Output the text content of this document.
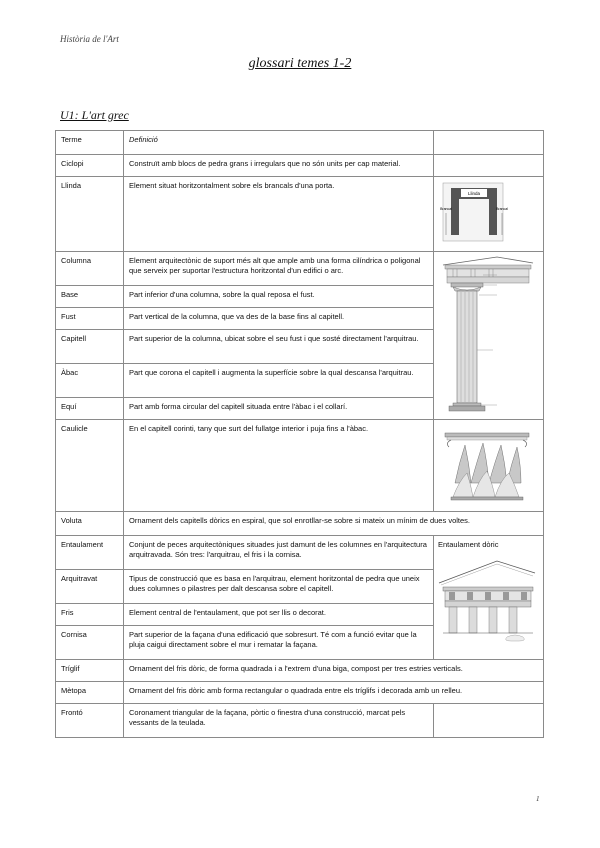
Història de l'Art
glossari temes 1-2
U1: L'art grec
Terme	Definició	
Ciclopi	Construït amb blocs de pedra grans i irregulars que no són units per cap material.	
Llinda	Element situat horitzontalment sobre els brancals d'una porta.	Llinda
Brancal Brancal

Columna	Element arquitectònic de suport més alt que ample amb una forma cilíndrica o poligonal que serveix per suportar l'estructura horitzontal d'un edifici o arc.	

Base	Part inferior d'una columna, sobre la qual reposa el fust.	
Fust	Part vertical de la columna, que va des de la base fins al capitell.	
Capitell	Part superior de la columna, ubicat sobre el seu fust i que sosté directament l'arquitrau.	
Àbac	Part que corona el capitell i augmenta la superfície sobre la qual descansa l'arquitrau.	
Equí	Part amb forma circular del capitell situada entre l'àbac i el collarí.	
Caulicle	En el capitell corinti, tany que surt del fullatge interior i puja fins a l'àbac.	

Voluta	Ornament dels capitells dòrics en espiral, que sol enrotllar-se sobre si mateix un mínim de dues voltes.	
Entaulament	Conjunt de peces arquitectòniques situades just damunt de les columnes en l'arquitectura arquitravada. Són tres: l'arquitrau, el fris i la cornisa.	Entaulament dòric

Arquitravat	Tipus de construcció que es basa en l'arquitrau, element horitzontal de pedra que uneix dues columnes o pilastres per dalt descansa sobre el capitell.	
Fris	Element central de l'entaulament, que pot ser llis o decorat.	
Cornisa	Part superior de la façana d'una edificació que sobresurt. Té com a funció evitar que la pluja caigui directament sobre el mur i rematar la façana.	
Tríglif	Ornament del fris dòric, de forma quadrada i a l'extrem d'una biga, compost per tres estries verticals.	
Mètopa	Ornament del fris dòric amb forma rectangular o quadrada entre els tríglifs i decorada amb un relleu.	
Frontó	Coronament triangular de la façana, pòrtic o finestra d'una construcció, marcat pels vessants de la teulada.	
1
